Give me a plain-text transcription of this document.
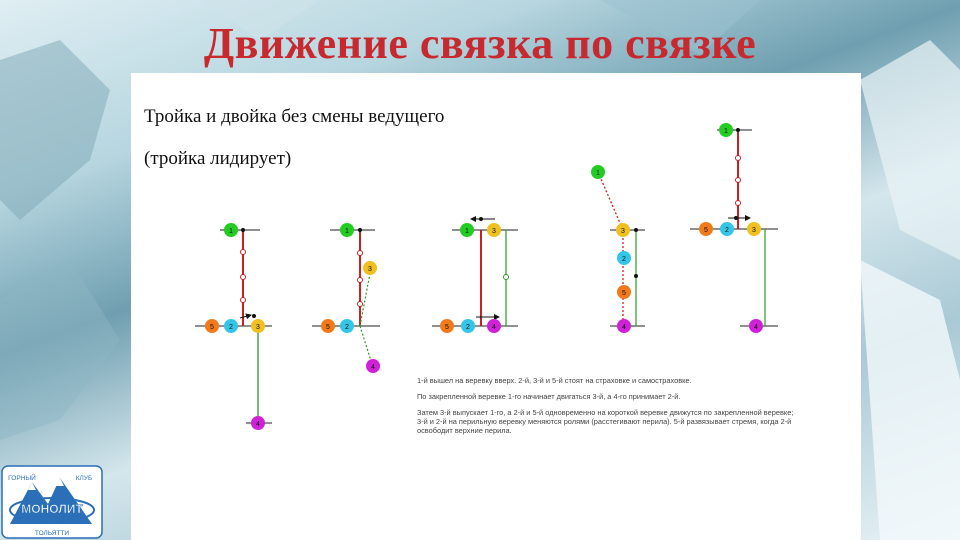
Движение связка по связке
Тройка и двойка без смены ведущего
(тройка лидирует)
1
5 2	3
4
1
3
5 2
4
1	3
5 2	4
1
3
2
5
4
1
5 2	3
4

1-й вышел на веревку вверх. 2-й, 3-й и 5-й стоят на страховке и самостраховке.

По закрепленной веревке 1-го начинает двигаться 3-й, а 4-го принимает 2-й.

Затем 3-й выпускает 1-го, а 2-й и 5-й одновременно на короткой веревке движутся по закрепленной веревке; 3-й и 2-й на перильную веревку меняются ролями (расстегивают перила). 5-й развязывает стремя, когда 2-й освободит верхние перила.

ГОРНЫЙ	КЛУБ
МОНОЛИТ
ТОЛЬЯТТИ
